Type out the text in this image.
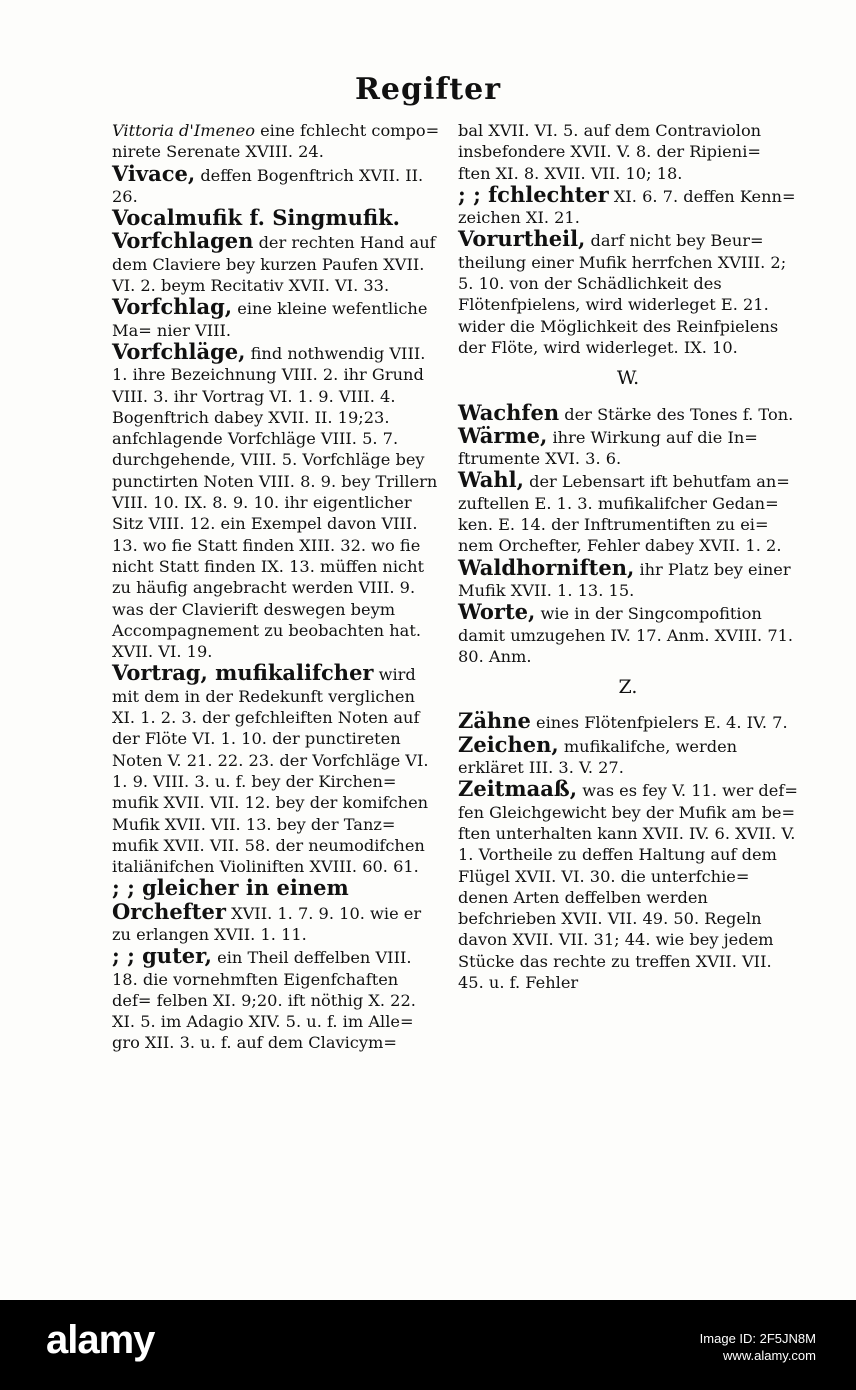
Regifter

Vittoria d'Imeneo eine fchlecht compo= nirete Serenate XVIII. 24.

Vivace, deffen Bogenftrich XVII. II. 26.

Vocalmufik f. Singmufik.

Vorfchlagen der rechten Hand auf dem Claviere bey kurzen Paufen XVII. VI. 2. beym Recitativ XVII. VI. 33.

Vorfchlag, eine kleine wefentliche Ma= nier VIII.

Vorfchläge, find nothwendig VIII. 1. ihre Bezeichnung VIII. 2. ihr Grund VIII. 3. ihr Vortrag VI. 1. 9. VIII. 4. Bogenftrich dabey XVII. II. 19;23. anfchlagende Vorfchläge VIII. 5. 7. durchgehende, VIII. 5. Vorfchläge bey punctirten Noten VIII. 8. 9. bey Trillern VIII. 10. IX. 8. 9. 10. ihr eigentlicher Sitz VIII. 12. ein Exempel davon VIII. 13. wo fie Statt finden XIII. 32. wo fie nicht Statt finden IX. 13. müffen nicht zu häufig angebracht werden VIII. 9. was der Clavierift deswegen beym Accompagnement zu beobachten hat. XVII. VI. 19.

Vortrag, mufikalifcher wird mit dem in der Redekunft verglichen XI. 1. 2. 3. der gefchleiften Noten auf der Flöte VI. 1. 10. der punctireten Noten V. 21. 22. 23. der Vorfchläge VI. 1. 9. VIII. 3. u. f. bey der Kirchen= mufik XVII. VII. 12. bey der komifchen Mufik XVII. VII. 13. bey der Tanz= mufik XVII. VII. 58. der neumodifchen italiänifchen Violiniften XVIII. 60. 61.

; ; gleicher in einem Orchefter XVII. 1. 7. 9. 10. wie er zu erlangen XVII. 1. 11.

; ; guter, ein Theil deffelben VIII. 18. die vornehmften Eigenfchaften def= felben XI. 9;20. ift nöthig X. 22. XI. 5. im Adagio XIV. 5. u. f. im Alle= gro XII. 3. u. f. auf dem Clavicym=

bal XVII. VI. 5. auf dem Contraviolon insbefondere XVII. V. 8. der Ripieni= ften XI. 8. XVII. VII. 10; 18.

; ; fchlechter XI. 6. 7. deffen Kenn= zeichen XI. 21.

Vorurtheil, darf nicht bey Beur= theilung einer Mufik herrfchen XVIII. 2; 5. 10. von der Schädlichkeit des Flötenfpielens, wird widerleget E. 21. wider die Möglichkeit des Reinfpielens der Flöte, wird widerleget. IX. 10.

W.

Wachfen der Stärke des Tones f. Ton.

Wärme, ihre Wirkung auf die In= ftrumente XVI. 3. 6.

Wahl, der Lebensart ift behutfam an= zuftellen E. 1. 3. mufikalifcher Gedan= ken. E. 14. der Inftrumentiften zu ei= nem Orchefter, Fehler dabey XVII. 1. 2.

Waldhorniften, ihr Platz bey einer Mufik XVII. 1. 13. 15.

Worte, wie in der Singcompofition damit umzugehen IV. 17. Anm. XVIII. 71. 80. Anm.

Z.

Zähne eines Flötenfpielers E. 4. IV. 7.

Zeichen, mufikalifche, werden erkläret III. 3. V. 27.

Zeitmaaß, was es fey V. 11. wer def= fen Gleichgewicht bey der Mufik am be= ften unterhalten kann XVII. IV. 6. XVII. V. 1. Vortheile zu deffen Haltung auf dem Flügel XVII. VI. 30. die unterfchie= denen Arten deffelben werden befchrieben XVII. VII. 49. 50. Regeln davon XVII. VII. 31; 44. wie bey jedem Stücke das rechte zu treffen XVII. VII. 45. u. f. Fehler

alamy	Image ID: 2F5JN8M
www.alamy.com
